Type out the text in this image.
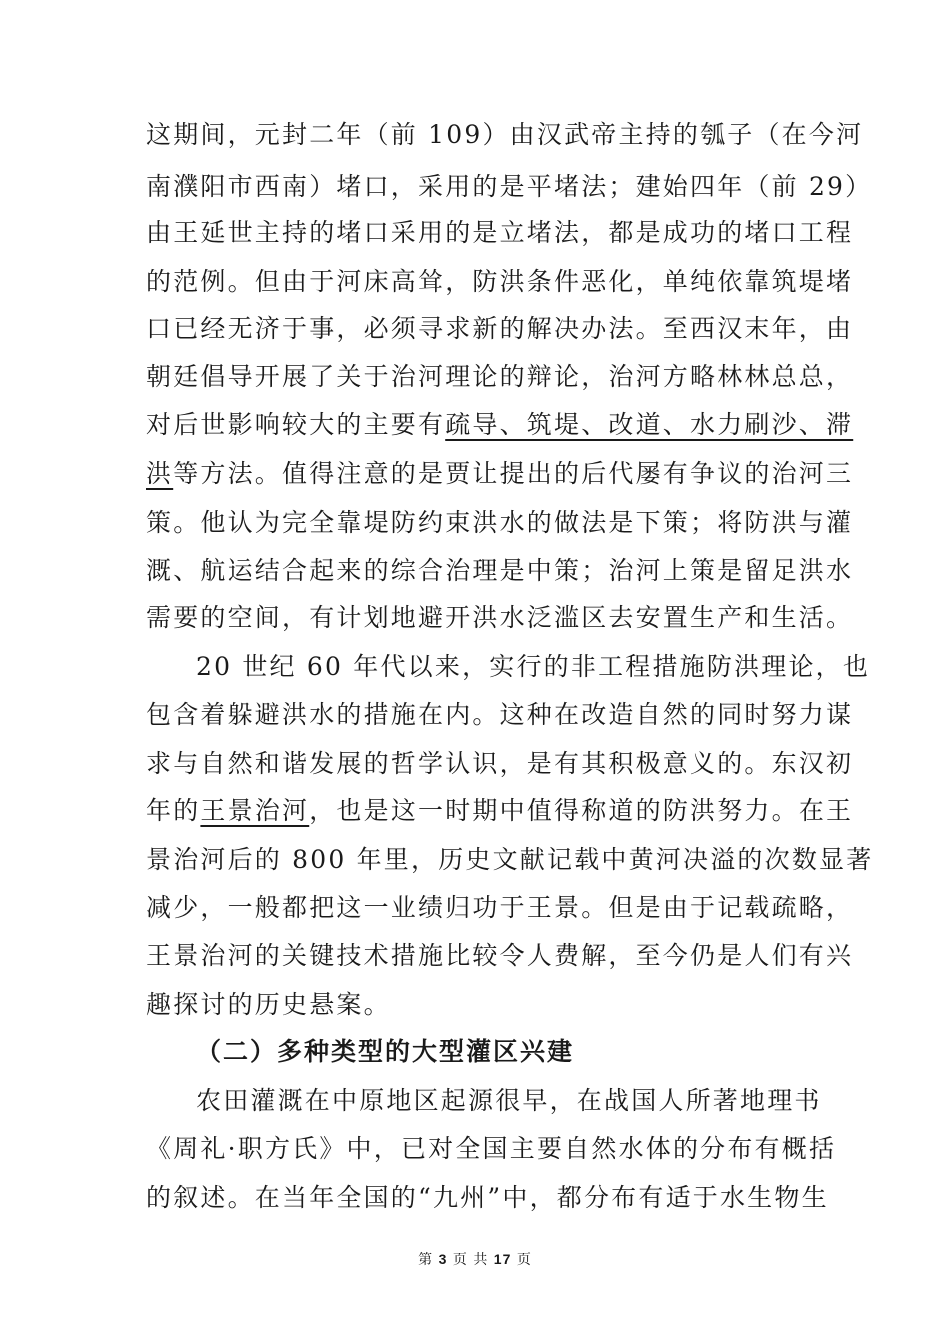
这期间，元封二年（前 109）由汉武帝主持的瓠子（在今河
南濮阳市西南）堵口，采用的是平堵法；建始四年（前 29）
由王延世主持的堵口采用的是立堵法，都是成功的堵口工程
的范例。但由于河床高耸，防洪条件恶化，单纯依靠筑堤堵
口已经无济于事，必须寻求新的解决办法。至西汉末年，由
朝廷倡导开展了关于治河理论的辩论，治河方略林林总总，
对后世影响较大的主要有疏导、筑堤、改道、水力刷沙、滞
洪等方法。值得注意的是贾让提出的后代屡有争议的治河三
策。他认为完全靠堤防约束洪水的做法是下策；将防洪与灌
溉、航运结合起来的综合治理是中策；治河上策是留足洪水
需要的空间，有计划地避开洪水泛滥区去安置生产和生活。
20 世纪 60 年代以来，实行的非工程措施防洪理论，也
包含着躲避洪水的措施在内。这种在改造自然的同时努力谋
求与自然和谐发展的哲学认识，是有其积极意义的。东汉初
年的王景治河，也是这一时期中值得称道的防洪努力。在王
景治河后的 800 年里，历史文献记载中黄河决溢的次数显著
减少，一般都把这一业绩归功于王景。但是由于记载疏略，
王景治河的关键技术措施比较令人费解，至今仍是人们有兴
趣探讨的历史悬案。
（二）多种类型的大型灌区兴建
农田灌溉在中原地区起源很早，在战国人所著地理书
《周礼·职方氏》中，已对全国主要自然水体的分布有概括
的叙述。在当年全国的“九州”中，都分布有适于水生物生
第 3 页 共 17 页
